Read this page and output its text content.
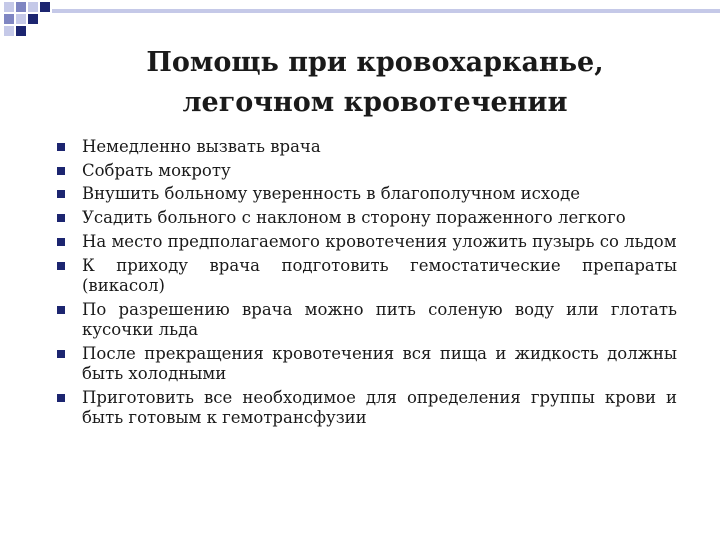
Помощь при кровохарканье,
легочном кровотечении
Немедленно вызвать врача
Собрать мокроту
Внушить больному уверенность в благополучном исходе
Усадить больного с наклоном в сторону пораженного легкого
На место предполагаемого кровотечения уложить пузырь со льдом
К приходу врача подготовить гемостатические препараты (викасол)
По разрешению врача можно пить соленую воду или глотать кусочки льда
После прекращения кровотечения вся пища и жидкость должны быть холодными
Приготовить все необходимое для определения группы крови и быть готовым к гемотрансфузии
